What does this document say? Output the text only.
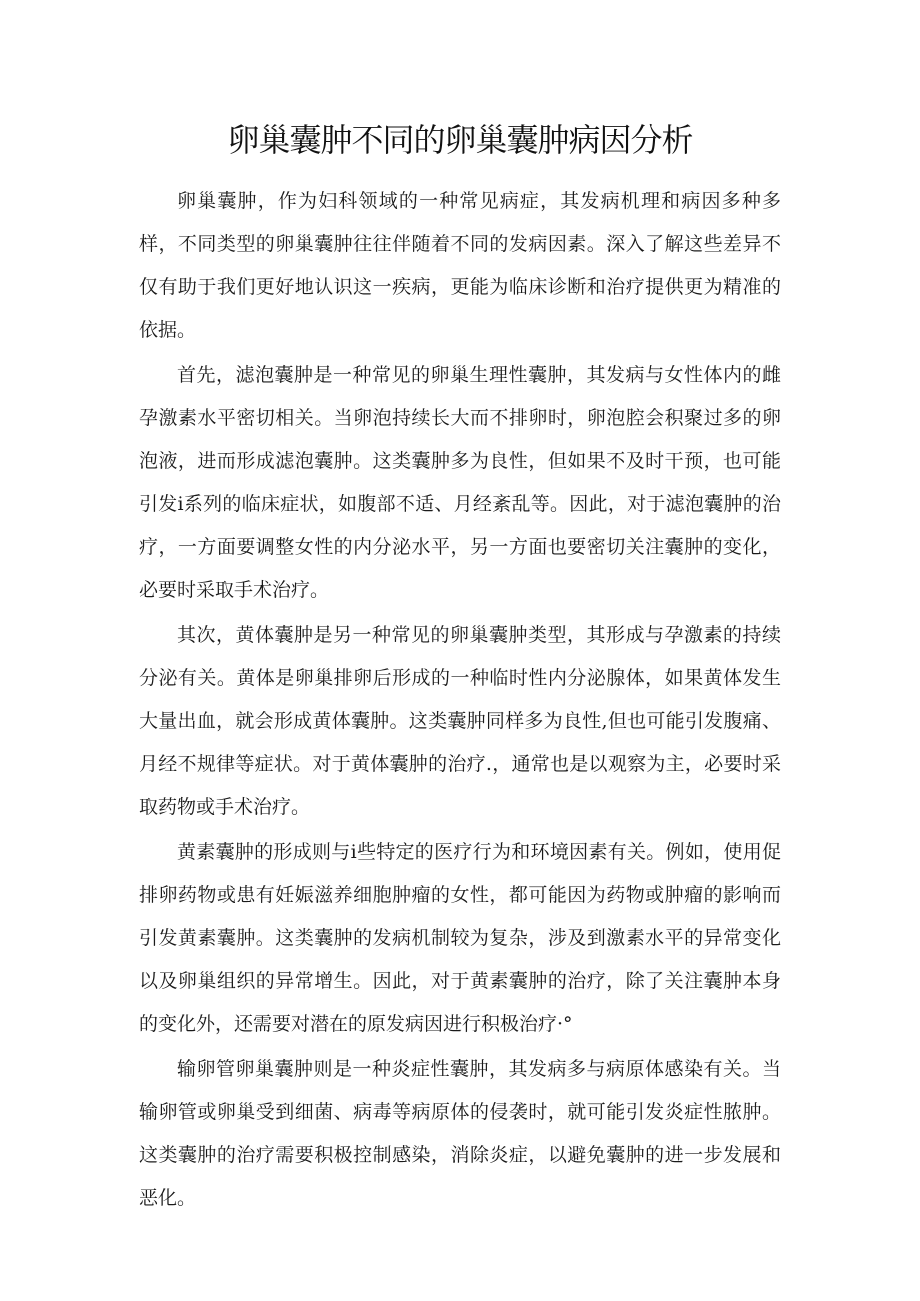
卵巢囊肿不同的卵巢囊肿病因分析

卵巢囊肿，作为妇科领域的一种常见病症，其发病机理和病因多种多样，不同类型的卵巢囊肿往往伴随着不同的发病因素。深入了解这些差异不仅有助于我们更好地认识这一疾病，更能为临床诊断和治疗提供更为精准的依据。

首先，滤泡囊肿是一种常见的卵巢生理性囊肿，其发病与女性体内的雌孕激素水平密切相关。当卵泡持续长大而不排卵时，卵泡腔会积聚过多的卵泡液，进而形成滤泡囊肿。这类囊肿多为良性，但如果不及时干预，也可能引发i系列的临床症状，如腹部不适、月经紊乱等。因此，对于滤泡囊肿的治疗，一方面要调整女性的内分泌水平，另一方面也要密切关注囊肿的变化，必要时采取手术治疗。

其次，黄体囊肿是另一种常见的卵巢囊肿类型，其形成与孕激素的持续分泌有关。黄体是卵巢排卵后形成的一种临时性内分泌腺体，如果黄体发生大量出血，就会形成黄体囊肿。这类囊肿同样多为良性,但也可能引发腹痛、月经不规律等症状。对于黄体囊肿的治疗.，通常也是以观察为主，必要时采取药物或手术治疗。

黄素囊肿的形成则与i些特定的医疗行为和环境因素有关。例如，使用促排卵药物或患有妊娠滋养细胞肿瘤的女性，都可能因为药物或肿瘤的影响而引发黄素囊肿。这类囊肿的发病机制较为复杂，涉及到激素水平的异常变化以及卵巢组织的异常增生。因此，对于黄素囊肿的治疗，除了关注囊肿本身的变化外，还需要对潜在的原发病因进行积极治疗·°

输卵管卵巢囊肿则是一种炎症性囊肿，其发病多与病原体感染有关。当输卵管或卵巢受到细菌、病毒等病原体的侵袭时，就可能引发炎症性脓肿。这类囊肿的治疗需要积极控制感染，消除炎症，以避免囊肿的进一步发展和恶化。
